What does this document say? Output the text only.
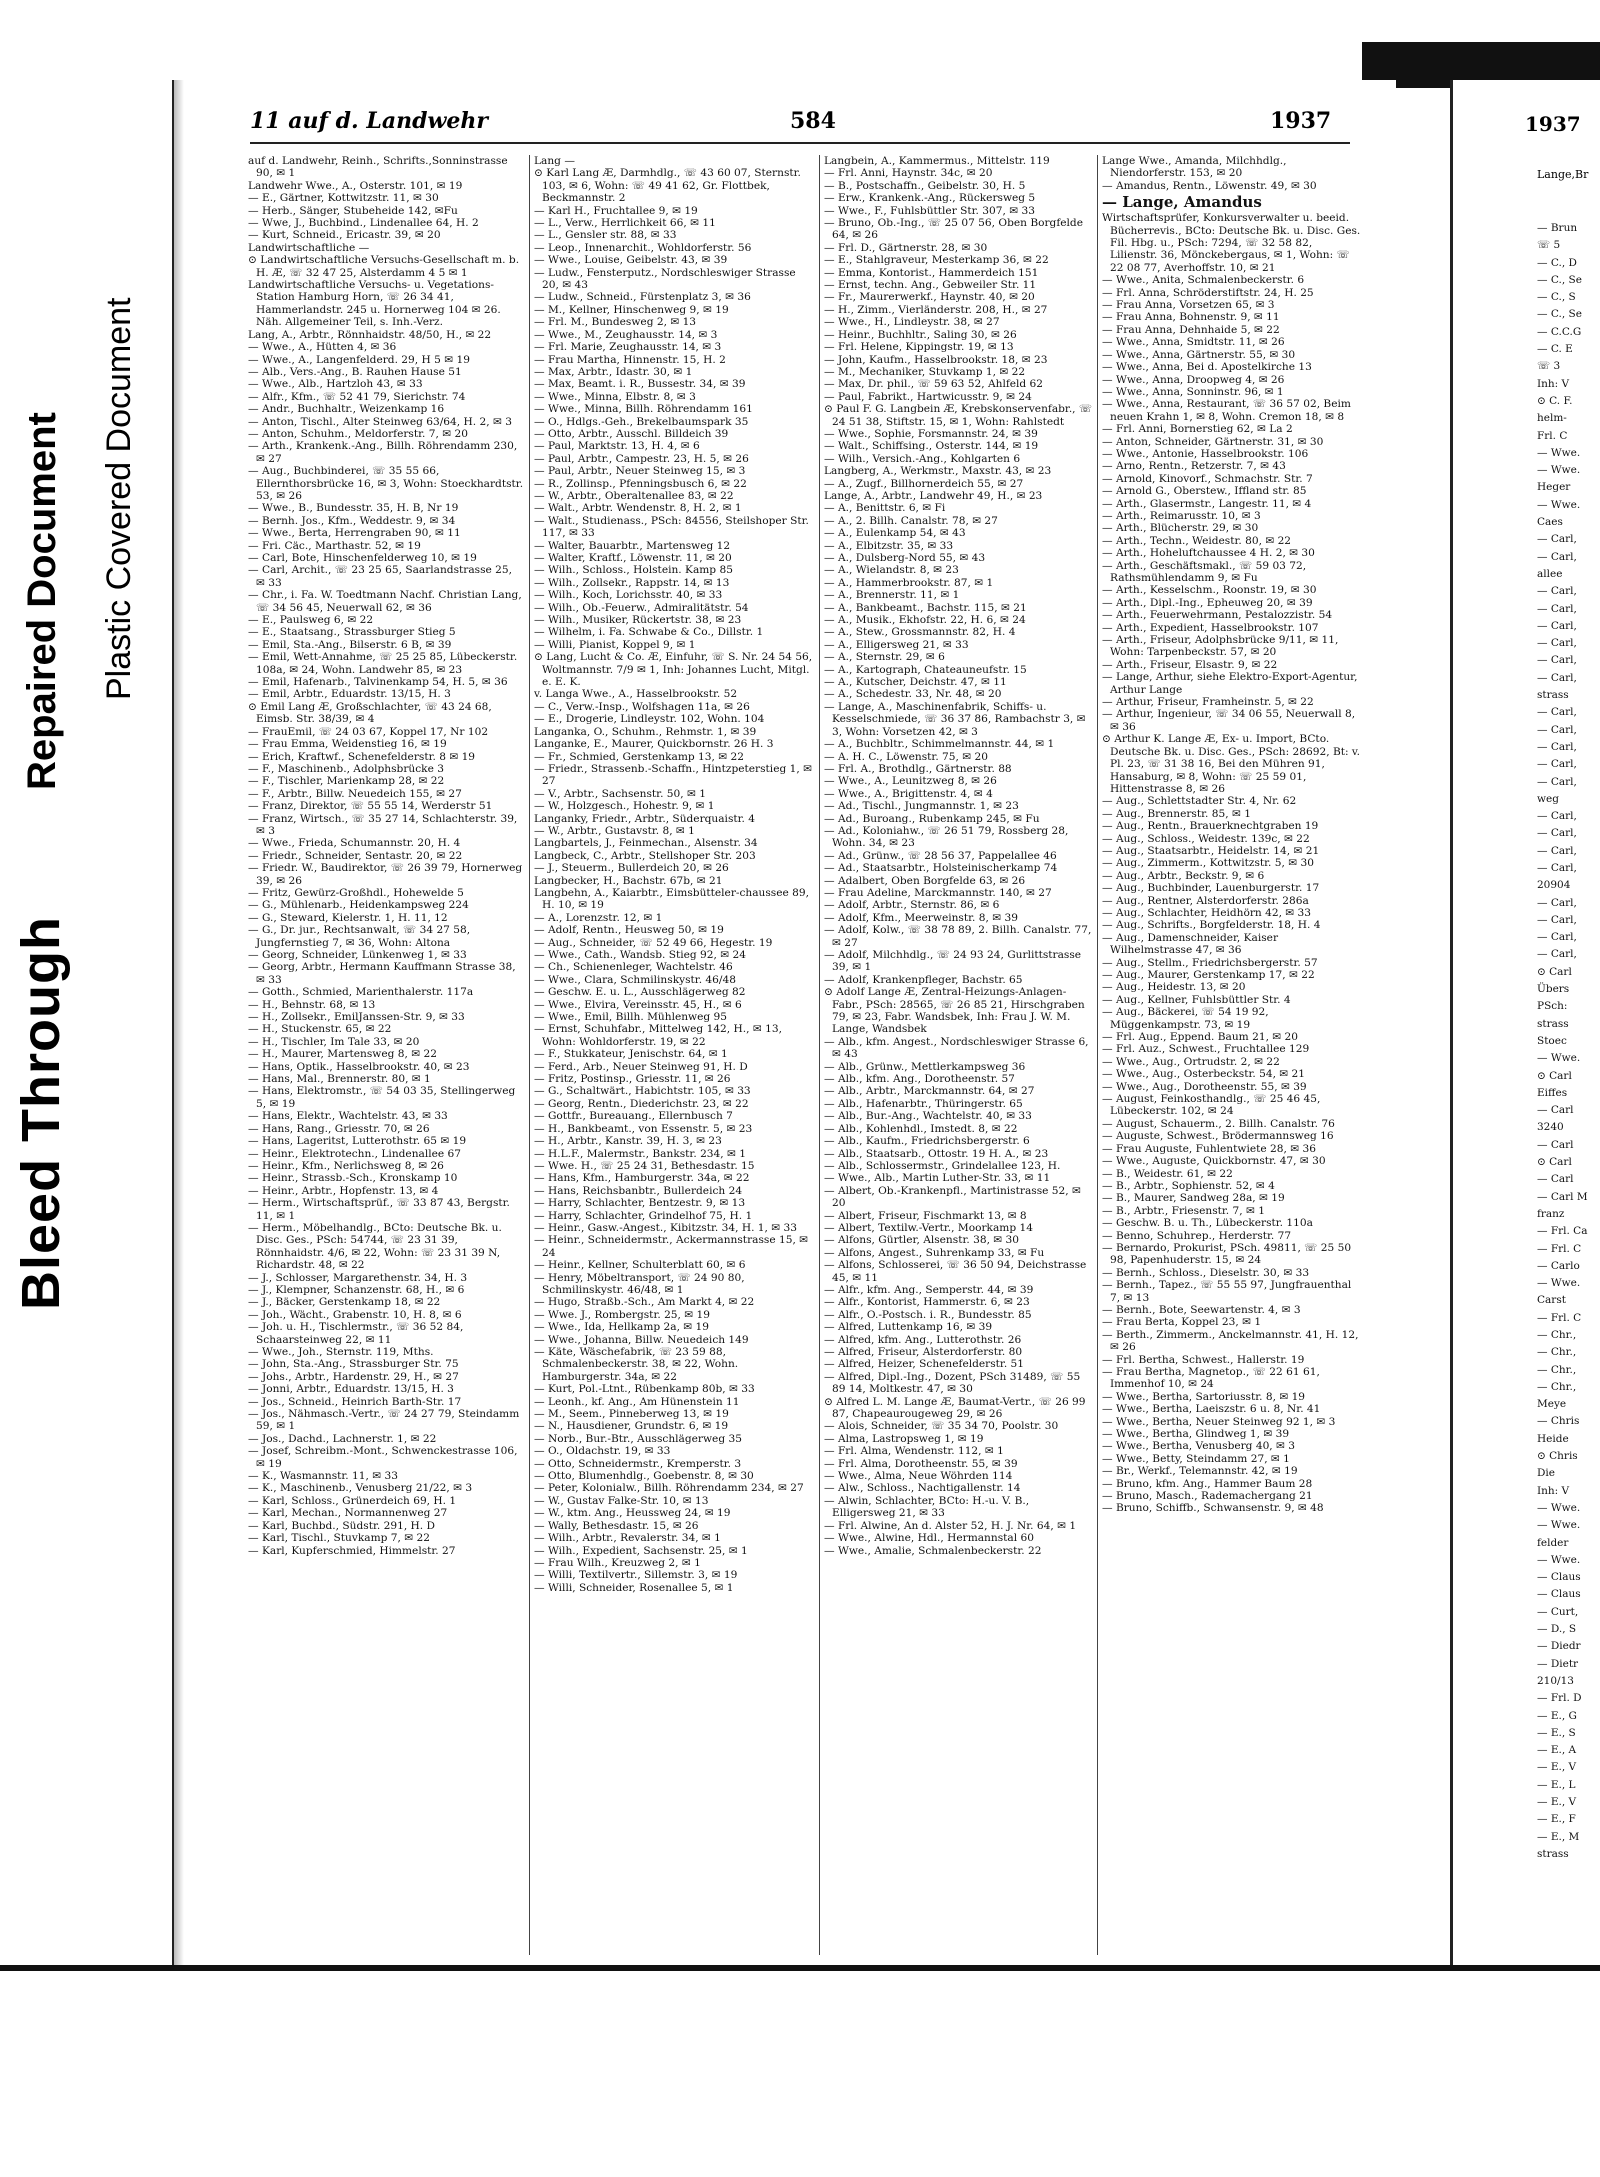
Bleed Through
Repaired Document Plastic Covered Document
11 auf d. Landwehr	584	1937	1937
Lange,Br
auf d. Landwehr, Reinh., Schrifts.,Sonninstrasse 90, ✉ 1
Landwehr Wwe., A., Osterstr. 101, ✉ 19
— E., Gärtner, Kottwitzstr. 11, ✉ 30
— Herb., Sänger, Stubeheide 142, ✉Fu
— Wwe, J., Buchbind., Lindenallee 64, H. 2
— Kurt, Schneid., Ericastr. 39, ✉ 20
Landwirtschaftliche —
⊙ Landwirtschaftliche Versuchs-Gesellschaft m. b. H. Æ, ☏ 32 47 25, Alsterdamm 4 5 ✉ 1
Landwirtschaftliche Versuchs- u. Vegetations-Station Hamburg Horn, ☏ 26 34 41, Hammerlandstr. 245 u. Hornerweg 104 ✉ 26. Näh. Allgemeiner Teil, s. Inh.-Verz.
Lang, A., Arbtr., Rönnhaidstr. 48/50, H., ✉ 22
— Wwe., A., Hütten 4, ✉ 36
— Wwe., A., Langenfelderd. 29, H 5 ✉ 19
— Alb., Vers.-Ang., B. Rauhen Hause 51
— Wwe., Alb., Hartzloh 43, ✉ 33
— Alfr., Kfm., ☏ 52 41 79, Sierichstr. 74
— Andr., Buchhaltr., Weizenkamp 16
— Anton, Tischl., Alter Steinweg 63/64, H. 2, ✉ 3
— Anton, Schuhm., Meldorferstr. 7, ✉ 20
— Arth., Krankenk.-Ang., Billh. Röhrendamm 230, ✉ 27
— Aug., Buchbinderei, ☏ 35 55 66, Ellernthorsbrücke 16, ✉ 3, Wohn: Stoeckhardtstr. 53, ✉ 26
— Wwe., B., Bundesstr. 35, H. B, Nr 19
— Bernh. Jos., Kfm., Weddestr. 9, ✉ 34
— Wwe., Berta, Herrengraben 90, ✉ 11
— Fri. Cäc., Marthastr. 52, ✉ 19
— Carl, Bote, Hinschenfelderweg 10, ✉ 19
— Carl, Archit., ☏ 23 25 65, Saarlandstrasse 25, ✉ 33
— Chr., i. Fa. W. Toedtmann Nachf. Christian Lang, ☏ 34 56 45, Neuerwall 62, ✉ 36
— E., Paulsweg 6, ✉ 22
— E., Staatsang., Strassburger Stieg 5
— Emil, Sta.-Ang., Bilserstr. 6 B, ✉ 39
— Emil, Wett-Annahme, ☏ 25 25 85, Lübeckerstr. 108a, ✉ 24, Wohn. Landwehr 85, ✉ 23
— Emil, Hafenarb., Talvinenkamp 54, H. 5, ✉ 36
— Emil, Arbtr., Eduardstr. 13/15, H. 3
⊙ Emil Lang Æ, Großschlachter, ☏ 43 24 68, Eimsb. Str. 38/39, ✉ 4
— FrauEmil, ☏ 24 03 67, Koppel 17, Nr 102
— Frau Emma, Weidenstieg 16, ✉ 19
— Erich, Kraftwf., Schenefelderstr. 8 ✉ 19
— F., Maschinenb., Adolphsbrücke 3
— F., Tischler, Marienkamp 28, ✉ 22
— F., Arbtr., Billw. Neuedeich 155, ✉ 27
— Franz, Direktor, ☏ 55 55 14, Werderstr 51
— Franz, Wirtsch., ☏ 35 27 14, Schlachterstr. 39, ✉ 3
— Wwe., Frieda, Schumannstr. 20, H. 4
— Friedr., Schneider, Sentastr. 20, ✉ 22
— Friedr. W., Baudirektor, ☏ 26 39 79, Hornerweg 39, ✉ 26
— Fritz, Gewürz-Großhdl., Hohewelde 5
— G., Mühlenarb., Heidenkampsweg 224
— G., Steward, Kielerstr. 1, H. 11, 12
— G., Dr. jur., Rechtsanwalt, ☏ 34 27 58, Jungfernstieg 7, ✉ 36, Wohn: Altona
— Georg, Schneider, Lünkenweg 1, ✉ 33
— Georg, Arbtr., Hermann Kauffmann Strasse 38, ✉ 33
— Gotth., Schmied, Marienthalerstr. 117a
— H., Behnstr. 68, ✉ 13
— H., Zollsekr., EmilJanssen-Str. 9, ✉ 33
— H., Stuckenstr. 65, ✉ 22
— H., Tischler, Im Tale 33, ✉ 20
— H., Maurer, Martensweg 8, ✉ 22
— Hans, Optik., Hasselbrookstr. 40, ✉ 23
— Hans, Mal., Brennerstr. 80, ✉ 1
— Hans, Elektromstr., ☏ 54 03 35, Stellingerweg 5, ✉ 19
— Hans, Elektr., Wachtelstr. 43, ✉ 33
— Hans, Rang., Griesstr. 70, ✉ 26
— Hans, Lageritst, Lutterothstr. 65 ✉ 19
— Heinr., Elektrotechn., Lindenallee 67
— Heinr., Kfm., Nerlichsweg 8, ✉ 26
— Heinr., Strassb.-Sch., Kronskamp 10
— Heinr., Arbtr., Hopfenstr. 13, ✉ 4
— Herm., Wirtschaftsprüf., ☏ 33 87 43, Bergstr. 11, ✉ 1
— Herm., Möbelhandlg., BCto: Deutsche Bk. u. Disc. Ges., PSch: 54744, ☏ 23 31 39, Rönnhaidstr. 4/6, ✉ 22, Wohn: ☏ 23 31 39 N, Richardstr. 48, ✉ 22
— J., Schlosser, Margarethenstr. 34, H. 3
— J., Klempner, Schanzenstr. 68, H., ✉ 6
— J., Bäcker, Gerstenkamp 18, ✉ 22
— Joh., Wächt., Grabenstr. 10, H. 8, ✉ 6
— Joh. u. H., Tischlermstr., ☏ 36 52 84, Schaarsteinweg 22, ✉ 11
— Wwe., Joh., Sternstr. 119, Mths.
— John, Sta.-Ang., Strassburger Str. 75
— Johs., Arbtr., Hardenstr. 29, H., ✉ 27
— Jonni, Arbtr., Eduardstr. 13/15, H. 3
— Jos., Schneid., Heinrich Barth-Str. 17
— Jos., Nähmasch.-Vertr., ☏ 24 27 79, Steindamm 59, ✉ 1
— Jos., Dachd., Lachnerstr. 1, ✉ 22
— Josef, Schreibm.-Mont., Schwenckestrasse 106, ✉ 19
— K., Wasmannstr. 11, ✉ 33
— K., Maschinenb., Venusberg 21/22, ✉ 3
— Karl, Schloss., Grünerdeich 69, H. 1
— Karl, Mechan., Normannenweg 27
— Karl, Buchbd., Südstr. 291, H. D
— Karl, Tischl., Stuvkamp 7, ✉ 22
— Karl, Kupferschmied, Himmelstr. 27
Lang —
⊙ Karl Lang Æ, Darmhdlg., ☏ 43 60 07, Sternstr. 103, ✉ 6, Wohn: ☏ 49 41 62, Gr. Flottbek, Beckmannstr. 2
— Karl H., Fruchtallee 9, ✉ 19
— L., Verw., Herrlichkeit 66, ✉ 11
— L., Gensler str. 88, ✉ 33
— Leop., Innenarchit., Wohldorferstr. 56
— Wwe., Louise, Geibelstr. 43, ✉ 39
— Ludw., Fensterputz., Nordschleswiger Strasse 20, ✉ 43
— Ludw., Schneid., Fürstenplatz 3, ✉ 36
— M., Kellner, Hinschenweg 9, ✉ 19
— Frl. M., Bundesweg 2, ✉ 13
— Wwe., M., Zeughausstr. 14, ✉ 3
— Frl. Marie, Zeughausstr. 14, ✉ 3
— Frau Martha, Hinnenstr. 15, H. 2
— Max, Arbtr., Idastr. 30, ✉ 1
— Max, Beamt. i. R., Bussestr. 34, ✉ 39
— Wwe., Minna, Elbstr. 8, ✉ 3
— Wwe., Minna, Billh. Röhrendamm 161
— O., Hdlgs.-Geh., Brekelbaumspark 35
— Otto, Arbtr., Ausschl. Billdeich 39
— Paul, Marktstr. 13, H. 4, ✉ 6
— Paul, Arbtr., Campestr. 23, H. 5, ✉ 26
— Paul, Arbtr., Neuer Steinweg 15, ✉ 3
— R., Zollinsp., Pfenningsbusch 6, ✉ 22
— W., Arbtr., Oberaltenallee 83, ✉ 22
— Walt., Arbtr. Wendenstr. 8, H. 2, ✉ 1
— Walt., Studienass., PSch: 84556, Steilshoper Str. 117, ✉ 33
— Walter, Bauarbtr., Martensweg 12
— Walter, Kraftf., Löwenstr. 11, ✉ 20
— Wilh., Schloss., Holstein. Kamp 85
— Wilh., Zollsekr., Rappstr. 14, ✉ 13
— Wilh., Koch, Lorichsstr. 40, ✉ 33
— Wilh., Ob.-Feuerw., Admiralitätstr. 54
— Wilh., Musiker, Rückertstr. 38, ✉ 23
— Wilhelm, i. Fa. Schwabe & Co., Dillstr. 1
— Willi, Pianist, Koppel 9, ✉ 1
⊙ Lang, Lucht & Co. Æ, Einfuhr, ☏ S. Nr. 24 54 56, Woltmannstr. 7/9 ✉ 1, Inh: Johannes Lucht, Mitgl. e. E. K.
v. Langa Wwe., A., Hasselbrookstr. 52
— C., Verw.-Insp., Wolfshagen 11a, ✉ 26
— E., Drogerie, Lindleystr. 102, Wohn. 104
Langanka, O., Schuhm., Rehmstr. 1, ✉ 39
Langanke, E., Maurer, Quickbornstr. 26 H. 3
— Fr., Schmied, Gerstenkamp 13, ✉ 22
— Friedr., Strassenb.-Schaffn., Hintzpeterstieg 1, ✉ 27
— V., Arbtr., Sachsenstr. 50, ✉ 1
— W., Holzgesch., Hohestr. 9, ✉ 1
Langanky, Friedr., Arbtr., Süderquaistr. 4
— W., Arbtr., Gustavstr. 8, ✉ 1
Langbartels, J., Feinmechan., Alsenstr. 34
Langbeck, C., Arbtr., Stellshoper Str. 203
— J., Steuerm., Bullerdeich 20, ✉ 26
Langbecker, H., Bachstr. 67b, ✉ 21
Langbehn, A., Kaiarbtr., Eimsbütteler-chaussee 89, H. 10, ✉ 19
— A., Lorenzstr. 12, ✉ 1
— Adolf, Rentn., Heusweg 50, ✉ 19
— Aug., Schneider, ☏ 52 49 66, Hegestr. 19
— Wwe., Cath., Wandsb. Stieg 92, ✉ 24
— Ch., Schienenleger, Wachtelstr. 46
— Wwe., Clara, Schmilinskystr. 46/48
— Geschw. E. u. L., Ausschlägerweg 82
— Wwe., Elvira, Vereinsstr. 45, H., ✉ 6
— Wwe., Emil, Billh. Mühlenweg 95
— Ernst, Schuhfabr., Mittelweg 142, H., ✉ 13, Wohn: Wohldorferstr. 19, ✉ 22
— F., Stukkateur, Jenischstr. 64, ✉ 1
— Ferd., Arb., Neuer Steinweg 91, H. D
— Fritz, Postinsp., Griesstr. 11, ✉ 26
— G., Schaltwärt., Habichtstr. 105, ✉ 33
— Georg, Rentn., Diederichstr. 23, ✉ 22
— Gottfr., Bureauang., Ellernbusch 7
— H., Bankbeamt., von Essenstr. 5, ✉ 23
— H., Arbtr., Kanstr. 39, H. 3, ✉ 23
— H.L.F., Malermstr., Bankstr. 234, ✉ 1
— Wwe. H., ☏ 25 24 31, Bethesdastr. 15
— Hans, Kfm., Hamburgerstr. 34a, ✉ 22
— Hans, Reichsbanbtr., Bullerdeich 24
— Harry, Schlachter, Bentzestr. 9, ✉ 13
— Harry, Schlachter, Grindelhof 75, H. 1
— Heinr., Gasw.-Angest., Kibitzstr. 34, H. 1, ✉ 33
— Heinr., Schneidermstr., Ackermannstrasse 15, ✉ 24
— Heinr., Kellner, Schulterblatt 60, ✉ 6
— Henry, Möbeltransport, ☏ 24 90 80, Schmilinskystr. 46/48, ✉ 1
— Hugo, Straßb.-Sch., Am Markt 4, ✉ 22
— Wwe. J., Rombergstr. 25, ✉ 19
— Wwe., Ida, Hellkamp 2a, ✉ 19
— Wwe., Johanna, Billw. Neuedeich 149
— Käte, Wäschefabrik, ☏ 23 59 88, Schmalenbeckerstr. 38, ✉ 22, Wohn. Hamburgerstr. 34a, ✉ 22
— Kurt, Pol.-Ltnt., Rübenkamp 80b, ✉ 33
— Leonh., kf. Ang., Am Hünenstein 11
— M., Seem., Pinneberweg 13, ✉ 19
— N., Hausdiener, Grundstr. 6, ✉ 19
— Norb., Bur.-Btr., Ausschlägerweg 35
— O., Oldachstr. 19, ✉ 33
— Otto, Schneidermstr., Kremperstr. 3
— Otto, Blumenhdlg., Goebenstr. 8, ✉ 30
— Peter, Kolonialw., Billh. Röhrendamm 234, ✉ 27
— W., Gustav Falke-Str. 10, ✉ 13
— W., ktm. Ang., Heussweg 24, ✉ 19
— Wally, Bethesdastr. 15, ✉ 26
— Wilh., Arbtr., Revalerstr. 34, ✉ 1
— Wilh., Expedient, Sachsenstr. 25, ✉ 1
— Frau Wilh., Kreuzweg 2, ✉ 1
— Willi, Textilvertr., Sillemstr. 3, ✉ 19
— Willi, Schneider, Rosenallee 5, ✉ 1
Langbein, A., Kammermus., Mittelstr. 119
— Frl. Anni, Haynstr. 34c, ✉ 20
— B., Postschaffn., Geibelstr. 30, H. 5
— Erw., Krankenk.-Ang., Rückersweg 5
— Wwe., F., Fuhlsbüttler Str. 307, ✉ 33
— Bruno, Ob.-Ing., ☏ 25 07 56, Oben Borgfelde 64, ✉ 26
— Frl. D., Gärtnerstr. 28, ✉ 30
— E., Stahlgraveur, Mesterkamp 36, ✉ 22
— Emma, Kontorist., Hammerdeich 151
— Ernst, techn. Ang., Gebweiler Str. 11
— Fr., Maurerwerkf., Haynstr. 40, ✉ 20
— H., Zimm., Vierländerstr. 208, H., ✉ 27
— Wwe., H., Lindleystr. 38, ✉ 27
— Heinr., Buchhltr., Saling 30, ✉ 26
— Frl. Helene, Kippingstr. 19, ✉ 13
— John, Kaufm., Hasselbrookstr. 18, ✉ 23
— M., Mechaniker, Stuvkamp 1, ✉ 22
— Max, Dr. phil., ☏ 59 63 52, Ahlfeld 62
— Paul, Fabrikt., Hartwicusstr. 9, ✉ 24
⊙ Paul F. G. Langbein Æ, Krebskonservenfabr., ☏ 24 51 38, Stiftstr. 15, ✉ 1, Wohn: Rahlstedt
— Wwe., Sophie, Forsmannstr. 24, ✉ 39
— Walt., Schiffsing., Osterstr. 144, ✉ 19
— Wilh., Versich.-Ang., Kohlgarten 6
Langberg, A., Werkmstr., Maxstr. 43, ✉ 23
— A., Zugf., Billhornerdeich 55, ✉ 27
Lange, A., Arbtr., Landwehr 49, H., ✉ 23
— A., Benittstr. 6, ✉ Fi
— A., 2. Billh. Canalstr. 78, ✉ 27
— A., Eulenkamp 54, ✉ 43
— A., Elbitzstr. 35, ✉ 33
— A., Dulsberg-Nord 55, ✉ 43
— A., Wielandstr. 8, ✉ 23
— A., Hammerbrookstr. 87, ✉ 1
— A., Brennerstr. 11, ✉ 1
— A., Bankbeamt., Bachstr. 115, ✉ 21
— A., Musik., Ekhofstr. 22, H. 6, ✉ 24
— A., Stew., Grossmannstr. 82, H. 4
— A., Elligersweg 21, ✉ 33
— A., Sternstr. 29, ✉ 6
— A., Kartograph, Chateauneufstr. 15
— A., Kutscher, Deichstr. 47, ✉ 11
— A., Schedestr. 33, Nr. 48, ✉ 20
— Lange, A., Maschinenfabrik, Schiffs- u. Kesselschmiede, ☏ 36 37 86, Rambachstr 3, ✉ 3, Wohn: Vorsetzen 42, ✉ 3
— A., Buchbltr., Schimmelmannstr. 44, ✉ 1
— A. H. C., Löwenstr. 75, ✉ 20
— Frl. A., Brothdlg., Gärtnerstr. 88
— Wwe., A., Leunitzweg 8, ✉ 26
— Wwe., A., Brigittenstr. 4, ✉ 4
— Ad., Tischl., Jungmannstr. 1, ✉ 23
— Ad., Buroang., Rubenkamp 245, ✉ Fu
— Ad., Koloniahw., ☏ 26 51 79, Rossberg 28, Wohn. 34, ✉ 23
— Ad., Grünw., ☏ 28 56 37, Pappelallee 46
— Ad., Staatsarbtr., Holsteinischerkamp 74
— Adalbert, Oben Borgfelde 63, ✉ 26
— Frau Adeline, Marckmannstr. 140, ✉ 27
— Adolf, Arbtr., Sternstr. 86, ✉ 6
— Adolf, Kfm., Meerweinstr. 8, ✉ 39
— Adolf, Kolw., ☏ 38 78 89, 2. Billh. Canalstr. 77, ✉ 27
— Adolf, Milchhdlg., ☏ 24 93 24, Gurlittstrasse 39, ✉ 1
— Adolf, Krankenpfleger, Bachstr. 65
⊙ Adolf Lange Æ, Zentral-Heizungs-Anlagen-Fabr., PSch: 28565, ☏ 26 85 21, Hirschgraben 79, ✉ 23, Fabr. Wandsbek, Inh: Frau J. W. M. Lange, Wandsbek
— Alb., kfm. Angest., Nordschleswiger Strasse 6, ✉ 43
— Alb., Grünw., Mettlerkampsweg 36
— Alb., kfm. Ang., Dorotheenstr. 57
— Alb., Arbtr., Marckmannstr. 64, ✉ 27
— Alb., Hafenarbtr., Thüringerstr. 65
— Alb., Bur.-Ang., Wachtelstr. 40, ✉ 33
— Alb., Kohlenhdl., Imstedt. 8, ✉ 22
— Alb., Kaufm., Friedrichsbergerstr. 6
— Alb., Staatsarb., Ottostr. 19 H. A., ✉ 23
— Alb., Schlossermstr., Grindelallee 123, H.
— Wwe., Alb., Martin Luther-Str. 33, ✉ 11
— Albert, Ob.-Krankenpfl., Martinistrasse 52, ✉ 20
— Albert, Friseur, Fischmarkt 13, ✉ 8
— Albert, Textilw.-Vertr., Moorkamp 14
— Alfons, Gürtler, Alsenstr. 38, ✉ 30
— Alfons, Angest., Suhrenkamp 33, ✉ Fu
— Alfons, Schlosserei, ☏ 36 50 94, Deichstrasse 45, ✉ 11
— Alfr., kfm. Ang., Semperstr. 44, ✉ 39
— Alfr., Kontorist, Hammerstr. 6, ✉ 23
— Alfr., O.-Postsch. i. R., Bundesstr. 85
— Alfred, Luttenkamp 16, ✉ 39
— Alfred, kfm. Ang., Lutterothstr. 26
— Alfred, Friseur, Alsterdorferstr. 80
— Alfred, Heizer, Schenefelderstr. 51
— Alfred, Dipl.-Ing., Dozent, PSch 31489, ☏ 55 89 14, Moltkestr. 47, ✉ 30
⊙ Alfred L. M. Lange Æ, Baumat-Vertr., ☏ 26 99 87, Chapeaurougeweg 29, ✉ 26
— Alois, Schneider, ☏ 35 34 70, Poolstr. 30
— Alma, Lastropsweg 1, ✉ 19
— Frl. Alma, Wendenstr. 112, ✉ 1
— Frl. Alma, Dorotheenstr. 55, ✉ 39
— Wwe., Alma, Neue Wöhrden 114
— Alw., Schloss., Nachtigallenstr. 14
— Alwin, Schlachter, BCto: H.-u. V. B., Elligersweg 21, ✉ 33
— Frl. Alwine, An d. Alster 52, H. J. Nr. 64, ✉ 1
— Wwe., Alwine, Hdl., Hermannstal 60
— Wwe., Amalie, Schmalenbeckerstr. 22
Lange Wwe., Amanda, Milchhdlg., Niendorferstr. 153, ✉ 20
— Amandus, Rentn., Löwenstr. 49, ✉ 30
— Lange, Amandus
Wirtschaftsprüfer, Konkursverwalter u. beeid. Bücherrevis., BCto: Deutsche Bk. u. Disc. Ges. Fil. Hbg. u., PSch: 7294, ☏ 32 58 82, Lilienstr. 36, Mönckebergaus, ✉ 1, Wohn: ☏ 22 08 77, Averhoffstr. 10, ✉ 21
— Wwe., Anita, Schmalenbeckerstr. 6
— Frl. Anna, Schröderstiftstr. 24, H. 25
— Frau Anna, Vorsetzen 65, ✉ 3
— Frau Anna, Bohnenstr. 9, ✉ 11
— Frau Anna, Dehnhaide 5, ✉ 22
— Wwe., Anna, Smidtstr. 11, ✉ 26
— Wwe., Anna, Gärtnerstr. 55, ✉ 30
— Wwe., Anna, Bei d. Apostelkirche 13
— Wwe., Anna, Droopweg 4, ✉ 26
— Wwe., Anna, Sonninstr. 96, ✉ 1
— Wwe., Anna, Restaurant, ☏ 36 57 02, Beim neuen Krahn 1, ✉ 8, Wohn. Cremon 18, ✉ 8
— Frl. Anni, Bornerstieg 62, ✉ La 2
— Anton, Schneider, Gärtnerstr. 31, ✉ 30
— Wwe., Antonie, Hasselbrookstr. 106
— Arno, Rentn., Retzerstr. 7, ✉ 43
— Arnold, Kinovorf., Schmachstr. Str. 7
— Arnold G., Oberstew., Iffland str. 85
— Arth., Glasermstr., Langestr. 11, ✉ 4
— Arth., Reimarusstr. 10, ✉ 3
— Arth., Blücherstr. 29, ✉ 30
— Arth., Techn., Weidestr. 80, ✉ 22
— Arth., Hoheluftchaussee 4 H. 2, ✉ 30
— Arth., Geschäftsmakl., ☏ 59 03 72, Rathsmühlendamm 9, ✉ Fu
— Arth., Kesselschm., Roonstr. 19, ✉ 30
— Arth., Dipl.-Ing., Epheuweg 20, ✉ 39
— Arth., Feuerwehrmann, Pestalozzistr. 54
— Arth., Expedient, Hasselbrookstr. 107
— Arth., Friseur, Adolphsbrücke 9/11, ✉ 11, Wohn: Tarpenbeckstr. 57, ✉ 20
— Arth., Friseur, Elsastr. 9, ✉ 22
— Lange, Arthur, siehe Elektro-Export-Agentur, Arthur Lange
— Arthur, Friseur, Framheinstr. 5, ✉ 22
— Arthur, Ingenieur, ☏ 34 06 55, Neuerwall 8, ✉ 36
⊙ Arthur K. Lange Æ, Ex- u. Import, BCto. Deutsche Bk. u. Disc. Ges., PSch: 28692, Bt: v. Pl. 23, ☏ 31 38 16, Bei den Mühren 91, Hansaburg, ✉ 8, Wohn: ☏ 25 59 01, Hittenstrasse 8, ✉ 26
— Aug., Schlettstadter Str. 4, Nr. 62
— Aug., Brennerstr. 85, ✉ 1
— Aug., Rentn., Brauerknechtgraben 19
— Aug., Schloss., Weidestr. 139c, ✉ 22
— Aug., Staatsarbtr., Heidelstr. 14, ✉ 21
— Aug., Zimmerm., Kottwitzstr. 5, ✉ 30
— Aug., Arbtr., Beckstr. 9, ✉ 6
— Aug., Buchbinder, Lauenburgerstr. 17
— Aug., Rentner, Alsterdorferstr. 286a
— Aug., Schlachter, Heidhörn 42, ✉ 33
— Aug., Schrifts., Borgfelderstr. 18, H. 4
— Aug., Damenschneider, Kaiser Wilhelmstrasse 47, ✉ 36
— Aug., Stellm., Friedrichsbergerstr. 57
— Aug., Maurer, Gerstenkamp 17, ✉ 22
— Aug., Heidestr. 13, ✉ 20
— Aug., Kellner, Fuhlsbüttler Str. 4
— Aug., Bäckerei, ☏ 54 19 92, Müggenkampstr. 73, ✉ 19
— Frl. Aug., Eppend. Baum 21, ✉ 20
— Frl. Auz., Schwest., Fruchtallee 129
— Wwe., Aug., Ortrudstr. 2, ✉ 22
— Wwe., Aug., Osterbeckstr. 54, ✉ 21
— Wwe., Aug., Dorotheenstr. 55, ✉ 39
— August, Feinkosthandlg., ☏ 25 46 45, Lübeckerstr. 102, ✉ 24
— August, Schauerm., 2. Billh. Canalstr. 76
— Auguste, Schwest., Brödermannsweg 16
— Frau Auguste, Fuhlentwiete 28, ✉ 36
— Wwe., Auguste, Quickbornstr. 47, ✉ 30
— B., Weidestr. 61, ✉ 22
— B., Arbtr., Sophienstr. 52, ✉ 4
— B., Maurer, Sandweg 28a, ✉ 19
— B., Arbtr., Friesenstr. 7, ✉ 1
— Geschw. B. u. Th., Lübeckerstr. 110a
— Benno, Schuhrep., Herderstr. 77
— Bernardo, Prokurist, PSch. 49811, ☏ 25 50 98, Papenhuderstr. 15, ✉ 24
— Bernh., Schloss., Dieselstr. 30, ✉ 33
— Bernh., Tapez., ☏ 55 55 97, Jungfrauenthal 7, ✉ 13
— Bernh., Bote, Seewartenstr. 4, ✉ 3
— Frau Berta, Koppel 23, ✉ 1
— Berth., Zimmerm., Anckelmannstr. 41, H. 12, ✉ 26
— Frl. Bertha, Schwest., Hallerstr. 19
— Frau Bertha, Magnetop., ☏ 22 61 61, Immenhof 10, ✉ 24
— Wwe., Bertha, Sartoriusstr. 8, ✉ 19
— Wwe., Bertha, Laeiszstr. 6 u. 8, Nr. 41
— Wwe., Bertha, Neuer Steinweg 92 1, ✉ 3
— Wwe., Bertha, Glindweg 1, ✉ 39
— Wwe., Bertha, Venusberg 40, ✉ 3
— Wwe., Betty, Steindamm 27, ✉ 1
— Br., Werkf., Telemannstr. 42, ✉ 19
— Bruno, kfm. Ang., Hammer Baum 28
— Bruno, Masch., Rademachergang 21
— Bruno, Schiffb., Schwansenstr. 9, ✉ 48
— Brun
☏ 5
— C., D
— C., Se
— C., S
— C., Se
— C.C.G
— C. E
☏ 3
Inh: V
⊙ C. F.
helm-
Frl. C
— Wwe.
— Wwe.
Heger
— Wwe.
Caes
— Carl,
— Carl,
allee
— Carl,
— Carl,
— Carl,
— Carl,
— Carl,
— Carl,
strass
— Carl,
— Carl,
— Carl,
— Carl,
— Carl,
weg
— Carl,
— Carl,
— Carl,
— Carl,
20904
— Carl,
— Carl,
— Carl,
— Carl,
⊙ Carl
Übers
PSch:
strass
Stoec
— Wwe.
⊙ Carl
Eiffes
— Carl
3240
— Carl
⊙ Carl
— Carl
— Carl M
franz
— Frl. Ca
— Frl. C
— Carlo
— Wwe.
Carst
— Frl. C
— Chr.,
— Chr.,
— Chr.,
— Chr.,
Meye
— Chris
Heide
⊙ Chris
Die
Inh: V
— Wwe.
— Wwe.
felder
— Wwe.
— Claus
— Claus
— Curt,
— D., S
— Diedr
— Dietr
210/13
— Frl. D
— E., G
— E., S
— E., A
— E., V
— E., L
— E., V
— E., F
— E., M
strass
